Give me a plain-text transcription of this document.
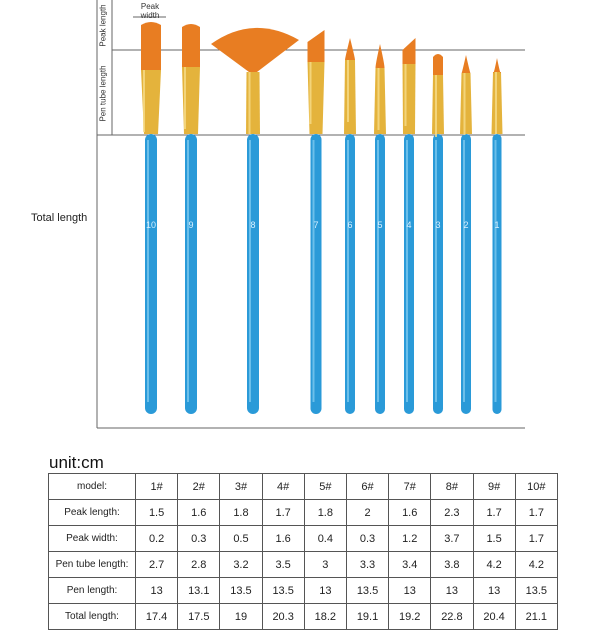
10	9	8	7	6	5	4	3	2	1
Peak length
Pen tube length
Peak width
Total length
unit:cm
model:	1#	2#	3#	4#	5#	6#	7#	8#	9#	10#
Peak length:	1.5	1.6	1.8	1.7	1.8	2	1.6	2.3	1.7	1.7
Peak width:	0.2	0.3	0.5	1.6	0.4	0.3	1.2	3.7	1.5	1.7
Pen tube length:	2.7	2.8	3.2	3.5	3	3.3	3.4	3.8	4.2	4.2
Pen length:	13	13.1	13.5	13.5	13	13.5	13	13	13	13.5
Total length:	17.4	17.5	19	20.3	18.2	19.1	19.2	22.8	20.4	21.1
